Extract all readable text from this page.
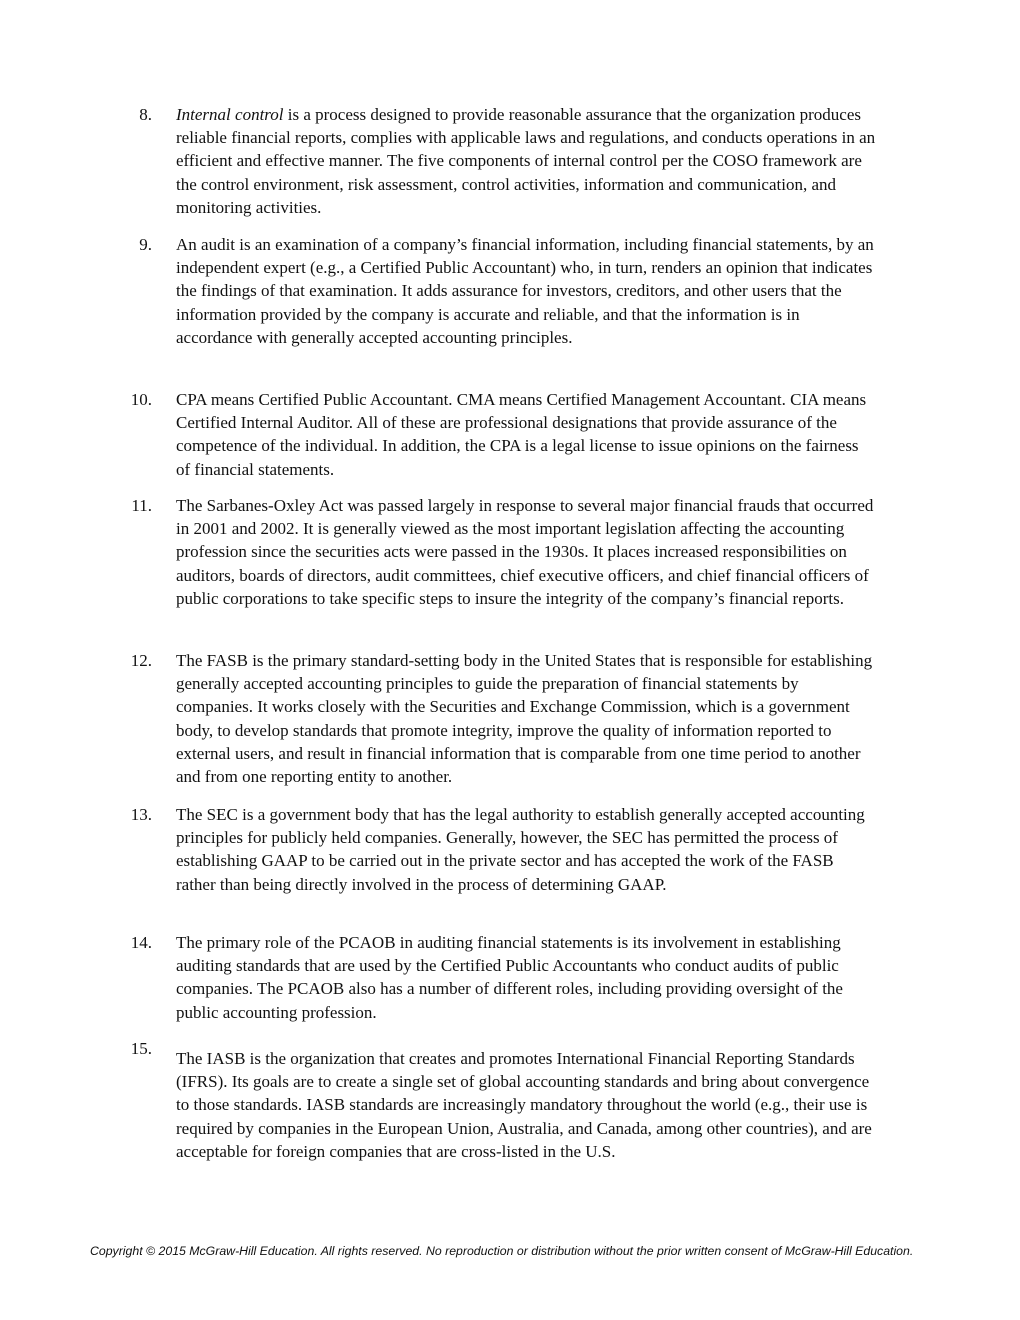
8. Internal control is a process designed to provide reasonable assurance that the organization produces reliable financial reports, complies with applicable laws and regulations, and conducts operations in an efficient and effective manner. The five components of internal control per the COSO framework are the control environment, risk assessment, control activities, information and communication, and monitoring activities.
9. An audit is an examination of a company’s financial information, including financial statements, by an independent expert (e.g., a Certified Public Accountant) who, in turn, renders an opinion that indicates the findings of that examination. It adds assurance for investors, creditors, and other users that the information provided by the company is accurate and reliable, and that the information is in accordance with generally accepted accounting principles.
10. CPA means Certified Public Accountant. CMA means Certified Management Accountant. CIA means Certified Internal Auditor. All of these are professional designations that provide assurance of the competence of the individual. In addition, the CPA is a legal license to issue opinions on the fairness of financial statements.
11. The Sarbanes-Oxley Act was passed largely in response to several major financial frauds that occurred in 2001 and 2002. It is generally viewed as the most important legislation affecting the accounting profession since the securities acts were passed in the 1930s. It places increased responsibilities on auditors, boards of directors, audit committees, chief executive officers, and chief financial officers of public corporations to take specific steps to insure the integrity of the company’s financial reports.
12. The FASB is the primary standard-setting body in the United States that is responsible for establishing generally accepted accounting principles to guide the preparation of financial statements by companies. It works closely with the Securities and Exchange Commission, which is a government body, to develop standards that promote integrity, improve the quality of information reported to external users, and result in financial information that is comparable from one time period to another and from one reporting entity to another.
13. The SEC is a government body that has the legal authority to establish generally accepted accounting principles for publicly held companies. Generally, however, the SEC has permitted the process of establishing GAAP to be carried out in the private sector and has accepted the work of the FASB rather than being directly involved in the process of determining GAAP.
14. The primary role of the PCAOB in auditing financial statements is its involvement in establishing auditing standards that are used by the Certified Public Accountants who conduct audits of public companies. The PCAOB also has a number of different roles, including providing oversight of the public accounting profession.
15.
The IASB is the organization that creates and promotes International Financial Reporting Standards (IFRS). Its goals are to create a single set of global accounting standards and bring about convergence to those standards. IASB standards are increasingly mandatory throughout the world (e.g., their use is required by companies in the European Union, Australia, and Canada, among other countries), and are acceptable for foreign companies that are cross-listed in the U.S.
Copyright © 2015 McGraw-Hill Education. All rights reserved. No reproduction or distribution without the prior written consent of McGraw-Hill Education.
